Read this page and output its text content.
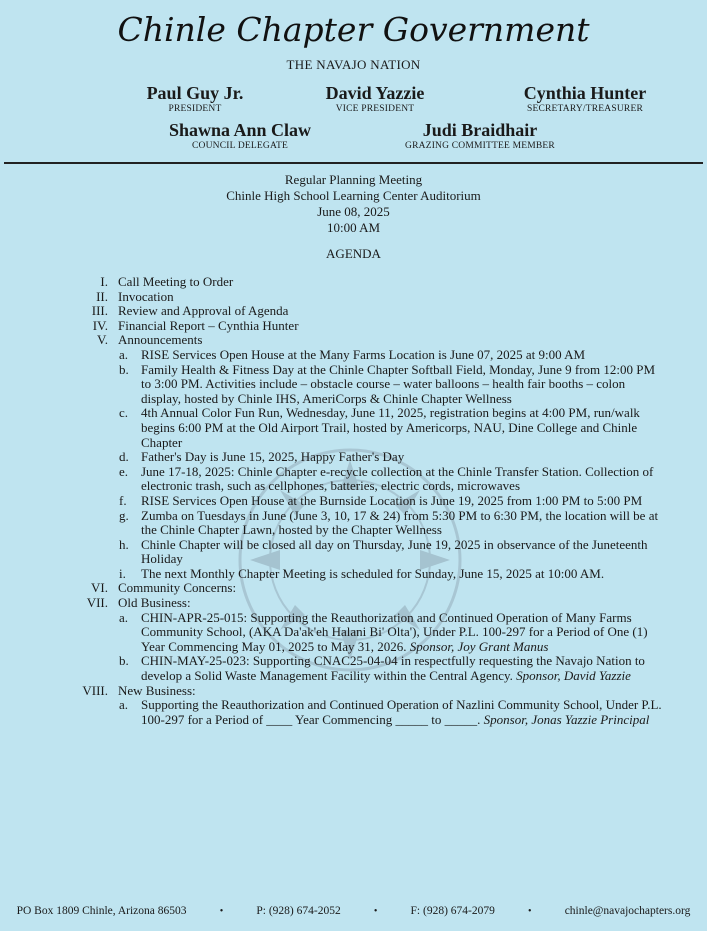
Chinle Chapter Government
THE NAVAJO NATION
Paul Guy Jr.
PRESIDENT
David Yazzie
VICE PRESIDENT
Cynthia Hunter
SECRETARY/TREASURER
Shawna Ann Claw
COUNCIL DELEGATE
Judi Braidhair
GRAZING COMMITTEE MEMBER
Regular Planning Meeting
Chinle High School Learning Center Auditorium
June 08, 2025
10:00 AM
AGENDA
I. Call Meeting to Order
II. Invocation
III. Review and Approval of Agenda
IV. Financial Report – Cynthia Hunter
V. Announcements
a. RISE Services Open House at the Many Farms Location is June 07, 2025 at 9:00 AM
b. Family Health & Fitness Day at the Chinle Chapter Softball Field, Monday, June 9 from 12:00 PM to 3:00 PM. Activities include – obstacle course – water balloons – health fair booths – colon display, hosted by Chinle IHS, AmeriCorps & Chinle Chapter Wellness
c. 4th Annual Color Fun Run, Wednesday, June 11, 2025, registration begins at 4:00 PM, run/walk begins 6:00 PM at the Old Airport Trail, hosted by Americorps, NAU, Dine College and Chinle Chapter
d. Father's Day is June 15, 2025, Happy Father's Day
e. June 17-18, 2025: Chinle Chapter e-recycle collection at the Chinle Transfer Station. Collection of electronic trash, such as cellphones, batteries, electric cords, microwaves
f. RISE Services Open House at the Burnside Location is June 19, 2025 from 1:00 PM to 5:00 PM
g. Zumba on Tuesdays in June (June 3, 10, 17 & 24) from 5:30 PM to 6:30 PM, the location will be at the Chinle Chapter Lawn, hosted by the Chapter Wellness
h. Chinle Chapter will be closed all day on Thursday, June 19, 2025 in observance of the Juneteenth Holiday
i. The next Monthly Chapter Meeting is scheduled for Sunday, June 15, 2025 at 10:00 AM.
VI. Community Concerns:
VII. Old Business:
a. CHIN-APR-25-015: Supporting the Reauthorization and Continued Operation of Many Farms Community School, (AKA Da'ak'eh Halani Bi' Olta'), Under P.L. 100-297 for a Period of One (1) Year Commencing May 01, 2025 to May 31, 2026. Sponsor, Joy Grant Manus
b. CHIN-MAY-25-023: Supporting CNAC25-04-04 in respectfully requesting the Navajo Nation to develop a Solid Waste Management Facility within the Central Agency. Sponsor, David Yazzie
VIII. New Business:
a. Supporting the Reauthorization and Continued Operation of Nazlini Community School, Under P.L. 100-297 for a Period of ____ Year Commencing _____ to _____. Sponsor, Jonas Yazzie Principal
PO Box 1809 Chinle, Arizona 86503	•	P: (928) 674-2052	•	F: (928) 674-2079	•	chinle@navajochapters.org
